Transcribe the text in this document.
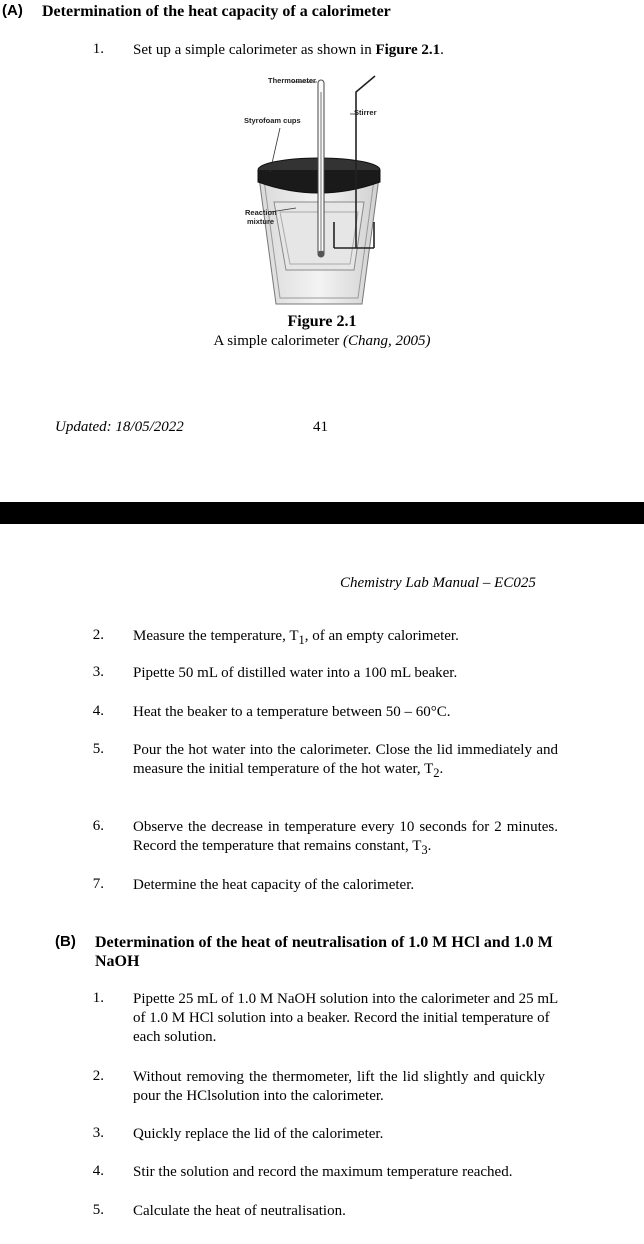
(A) Determination of the heat capacity of a calorimeter
1. Set up a simple calorimeter as shown in Figure 2.1.
Thermometer
Stirrer
Styrofoam cups
Reaction
mixture
Figure 2.1
A simple calorimeter (Chang, 2005)
Updated: 18/05/2022	41
Chemistry Lab Manual – EC025
2. Measure the temperature, $T_1$, of an empty calorimeter.
3. Pipette 50 mL of distilled water into a 100 mL beaker.
4. Heat the beaker to a temperature between 50 – 60°C.
5. Pour the hot water into the calorimeter. Close the lid immediately and measure the initial temperature of the hot water, $T_2$.
6. Observe the decrease in temperature every 10 seconds for 2 minutes. Record the temperature that remains constant, $T_3$.
7. Determine the heat capacity of the calorimeter.
(B) Determination of the heat of neutralisation of 1.0 M HCl and 1.0 M NaOH
1. Pipette 25 mL of 1.0 M NaOH solution into the calorimeter and 25 mL of 1.0 M HCl solution into a beaker. Record the initial temperature of each solution.
2. Without removing the thermometer, lift the lid slightly and quickly pour the HClsolution into the calorimeter.
3. Quickly replace the lid of the calorimeter.
4. Stir the solution and record the maximum temperature reached.
5. Calculate the heat of neutralisation.
